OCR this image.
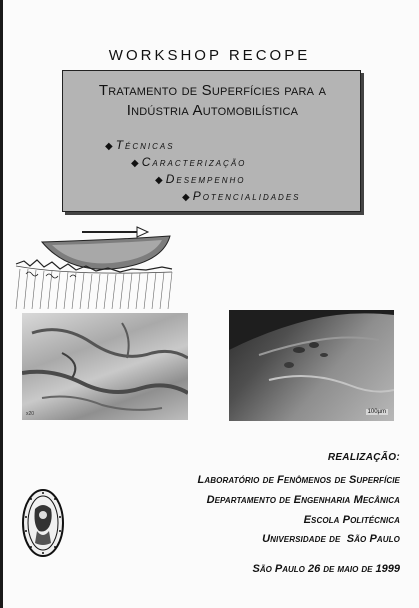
WORKSHOP RECOPE
Tratamento de Superfícies para a
Indústria Automobilística
◆ Técnicas
◆ Caracterização
◆ Desempenho
◆ Potencialidades
x20	100µm
REALIZAÇÃO:
Laboratório de Fenômenos de Superfície
Departamento de Engenharia Mecânica
Escola Politécnica
Universidade de  São Paulo
São Paulo 26 de maio de 1999
